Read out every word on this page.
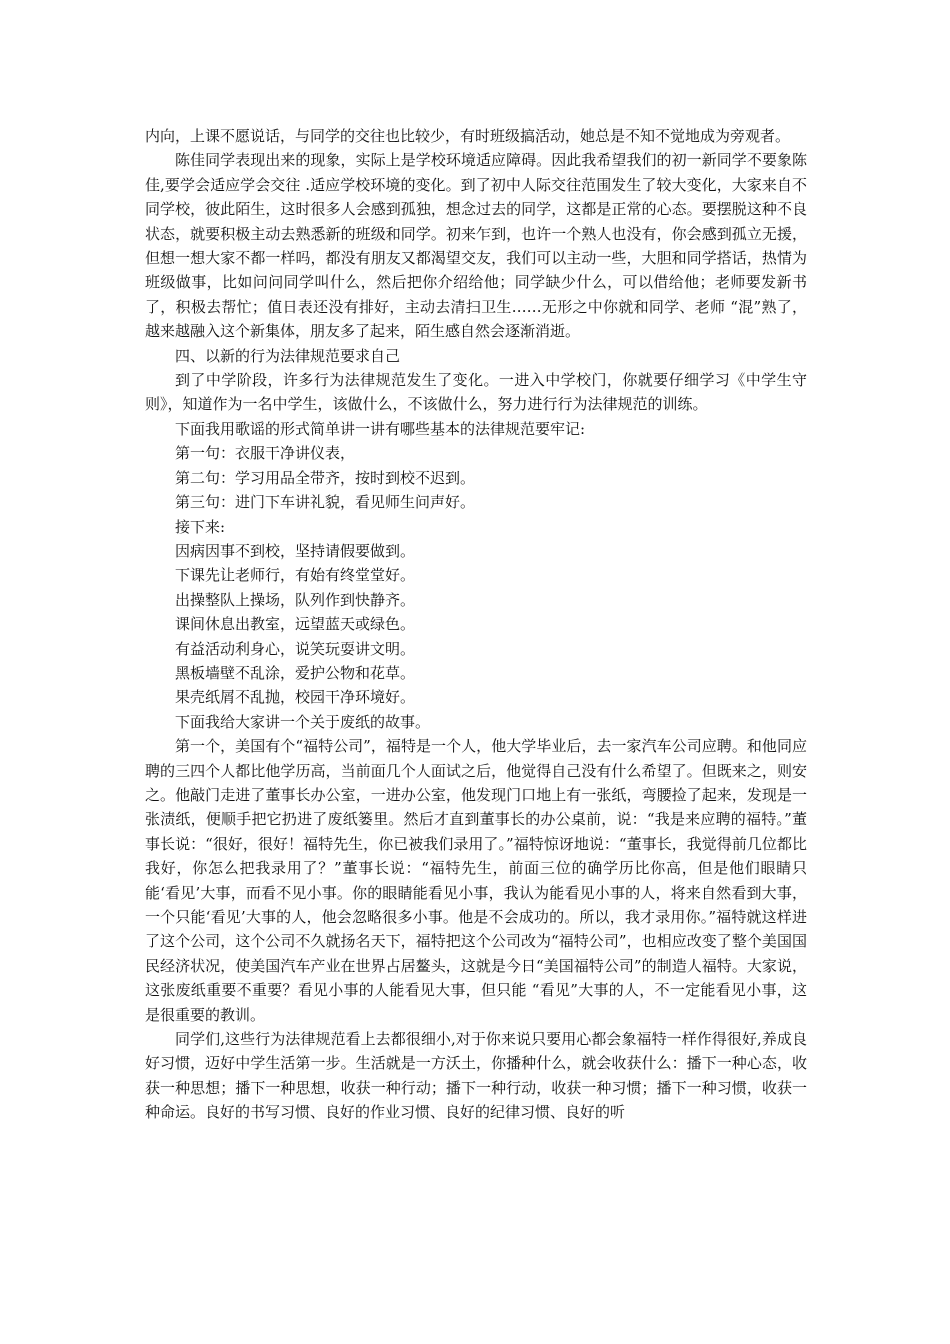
内向，上课不愿说话，与同学的交往也比较少，有时班级搞活动，她总是不知不觉地成为旁观者。

陈佳同学表现出来的现象，实际上是学校环境适应障碍。因此我希望我们的初一新同学不要象陈佳,要学会适应学会交往 .适应学校环境的变化。到了初中人际交往范围发生了较大变化，大家来自不同学校，彼此陌生，这时很多人会感到孤独，想念过去的同学，这都是正常的心态。要摆脱这种不良状态，就要积极主动去熟悉新的班级和同学。初来乍到，也许一个熟人也没有，你会感到孤立无援，但想一想大家不都一样吗，都没有朋友又都渴望交友，我们可以主动一些，大胆和同学搭话，热情为班级做事，比如问问同学叫什么，然后把你介绍给他；同学缺少什么，可以借给他；老师要发新书了，积极去帮忙；值日表还没有排好，主动去清扫卫生……无形之中你就和同学、老师 “混”熟了，越来越融入这个新集体，朋友多了起来，陌生感自然会逐渐消逝。

四、以新的行为法律规范要求自己

到了中学阶段，许多行为法律规范发生了变化。一进入中学校门，你就要仔细学习《中学生守则》，知道作为一名中学生，该做什么，不该做什么，努力进行行为法律规范的训练。

下面我用歌谣的形式简单讲一讲有哪些基本的法律规范要牢记:

第一句：衣服干净讲仪表，

第二句：学习用品全带齐，按时到校不迟到。

第三句：进门下车讲礼貌，看见师生问声好。

接下来:

因病因事不到校，坚持请假要做到。

下课先让老师行，有始有终堂堂好。

出操整队上操场，队列作到快静齐。

课间休息出教室，远望蓝天或绿色。

有益活动利身心，说笑玩耍讲文明。

黑板墙壁不乱涂，爱护公物和花草。

果壳纸屑不乱抛，校园干净环境好。

下面我给大家讲一个关于废纸的故事。

第一个，美国有个“福特公司”，福特是一个人，他大学毕业后，去一家汽车公司应聘。和他同应聘的三四个人都比他学历高，当前面几个人面试之后，他觉得自己没有什么希望了。但既来之，则安之。他敲门走进了董事长办公室，一进办公室，他发现门口地上有一张纸，弯腰捡了起来，发现是一张渍纸，便顺手把它扔进了废纸篓里。然后才直到董事长的办公桌前，说：“我是来应聘的福特。”董事长说：“很好，很好！福特先生，你已被我们录用了。”福特惊讶地说：“董事长，我觉得前几位都比我好，你怎么把我录用了？”董事长说：“福特先生，前面三位的确学历比你高，但是他们眼睛只能‘看见’大事，而看不见小事。你的眼睛能看见小事，我认为能看见小事的人，将来自然看到大事，一个只能‘看见’大事的人，他会忽略很多小事。他是不会成功的。所以，我才录用你。”福特就这样进了这个公司，这个公司不久就扬名天下，福特把这个公司改为“福特公司”，也相应改变了整个美国国民经济状况，使美国汽车产业在世界占居鳌头，这就是今日“美国福特公司”的制造人福特。大家说，这张废纸重要不重要？看见小事的人能看见大事，但只能 “看见”大事的人，不一定能看见小事，这是很重要的教训。

同学们,这些行为法律规范看上去都很细小,对于你来说只要用心都会象福特一样作得很好,养成良好习惯，迈好中学生活第一步。生活就是一方沃土，你播种什么，就会收获什么：播下一种心态，收获一种思想；播下一种思想，收获一种行动；播下一种行动，收获一种习惯；播下一种习惯，收获一种命运。良好的书写习惯、良好的作业习惯、良好的纪律习惯、良好的听
